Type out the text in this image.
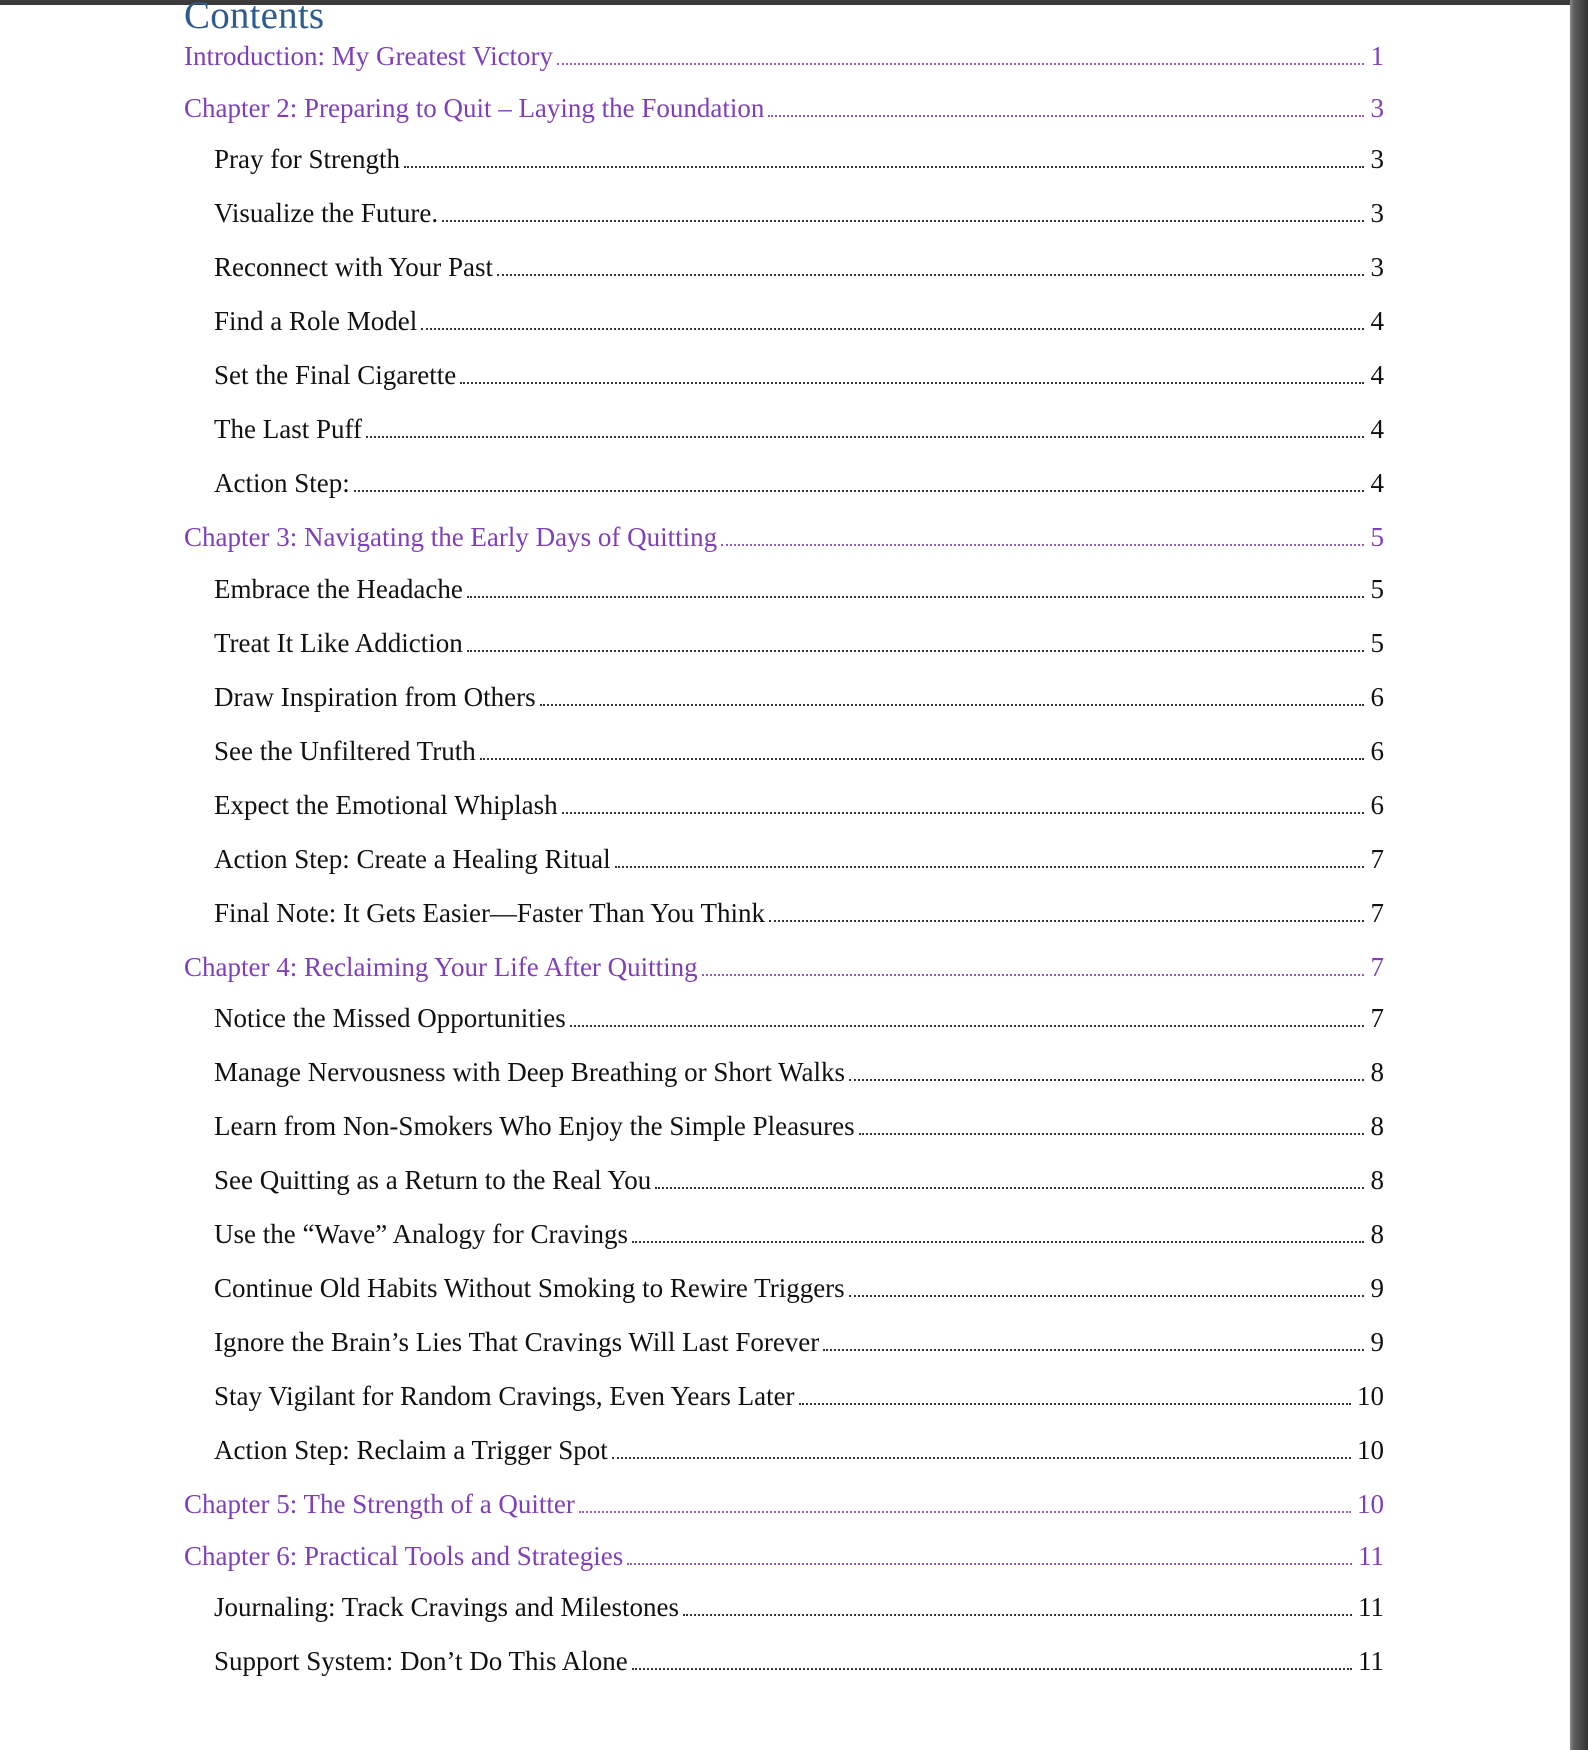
Contents
Introduction: My Greatest Victory	1
Chapter 2: Preparing to Quit – Laying the Foundation	3
Pray for Strength	3
Visualize the Future.	3
Reconnect with Your Past	3
Find a Role Model	4
Set the Final Cigarette	4
The Last Puff	4
Action Step:	4
Chapter 3: Navigating the Early Days of Quitting	5
Embrace the Headache	5
Treat It Like Addiction	5
Draw Inspiration from Others	6
See the Unfiltered Truth	6
Expect the Emotional Whiplash	6
Action Step: Create a Healing Ritual	7
Final Note: It Gets Easier—Faster Than You Think	7
Chapter 4: Reclaiming Your Life After Quitting	7
Notice the Missed Opportunities	7
Manage Nervousness with Deep Breathing or Short Walks	8
Learn from Non-Smokers Who Enjoy the Simple Pleasures	8
See Quitting as a Return to the Real You	8
Use the “Wave” Analogy for Cravings	8
Continue Old Habits Without Smoking to Rewire Triggers	9
Ignore the Brain’s Lies That Cravings Will Last Forever	9
Stay Vigilant for Random Cravings, Even Years Later	10
Action Step: Reclaim a Trigger Spot	10
Chapter 5: The Strength of a Quitter	10
Chapter 6: Practical Tools and Strategies	11
Journaling: Track Cravings and Milestones	11
Support System: Don’t Do This Alone	11
